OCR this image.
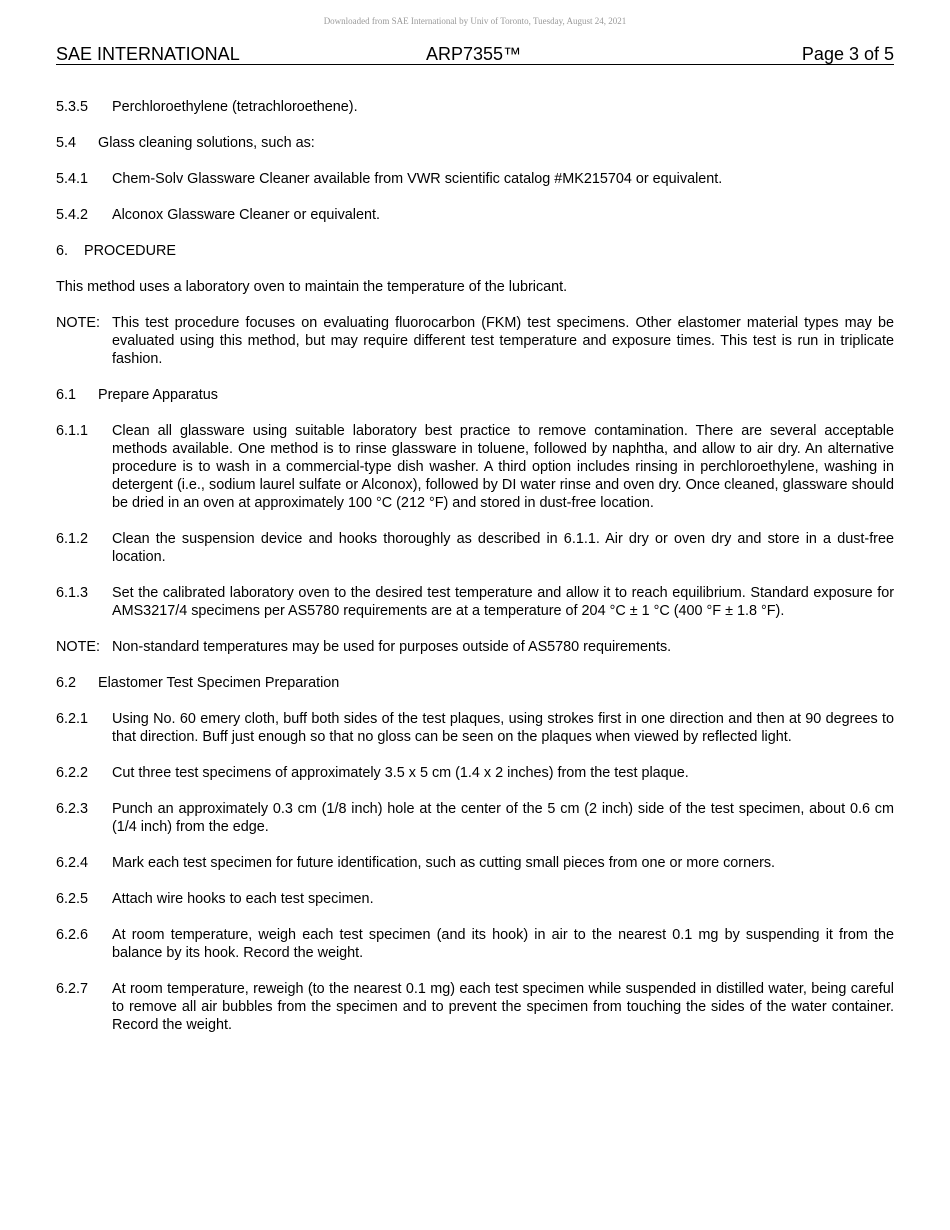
Downloaded from SAE International by Univ of Toronto, Tuesday, August 24, 2021
SAE INTERNATIONAL	ARP7355™	Page 3 of 5
5.3.5	Perchloroethylene (tetrachloroethene).
5.4	Glass cleaning solutions, such as:
5.4.1	Chem-Solv Glassware Cleaner available from VWR scientific catalog #MK215704 or equivalent.
5.4.2	Alconox Glassware Cleaner or equivalent.
6.	PROCEDURE

This method uses a laboratory oven to maintain the temperature of the lubricant.

NOTE: This test procedure focuses on evaluating fluorocarbon (FKM) test specimens. Other elastomer material types may be evaluated using this method, but may require different test temperature and exposure times. This test is run in triplicate fashion.
6.1	Prepare Apparatus
6.1.1	Clean all glassware using suitable laboratory best practice to remove contamination. There are several acceptable methods available. One method is to rinse glassware in toluene, followed by naphtha, and allow to air dry. An alternative procedure is to wash in a commercial-type dish washer. A third option includes rinsing in perchloroethylene, washing in detergent (i.e., sodium laurel sulfate or Alconox), followed by DI water rinse and oven dry. Once cleaned, glassware should be dried in an oven at approximately 100 °C (212 °F) and stored in dust-free location.
6.1.2	Clean the suspension device and hooks thoroughly as described in 6.1.1. Air dry or oven dry and store in a dust-free location.
6.1.3	Set the calibrated laboratory oven to the desired test temperature and allow it to reach equilibrium. Standard exposure for AMS3217/4 specimens per AS5780 requirements are at a temperature of 204 °C ± 1 °C (400 °F ± 1.8 °F).
NOTE: Non-standard temperatures may be used for purposes outside of AS5780 requirements.
6.2	Elastomer Test Specimen Preparation
6.2.1	Using No. 60 emery cloth, buff both sides of the test plaques, using strokes first in one direction and then at 90 degrees to that direction. Buff just enough so that no gloss can be seen on the plaques when viewed by reflected light.
6.2.2	Cut three test specimens of approximately 3.5 x 5 cm (1.4 x 2 inches) from the test plaque.
6.2.3	Punch an approximately 0.3 cm (1/8 inch) hole at the center of the 5 cm (2 inch) side of the test specimen, about 0.6 cm (1/4 inch) from the edge.
6.2.4	Mark each test specimen for future identification, such as cutting small pieces from one or more corners.
6.2.5	Attach wire hooks to each test specimen.
6.2.6	At room temperature, weigh each test specimen (and its hook) in air to the nearest 0.1 mg by suspending it from the balance by its hook. Record the weight.
6.2.7	At room temperature, reweigh (to the nearest 0.1 mg) each test specimen while suspended in distilled water, being careful to remove all air bubbles from the specimen and to prevent the specimen from touching the sides of the water container. Record the weight.
